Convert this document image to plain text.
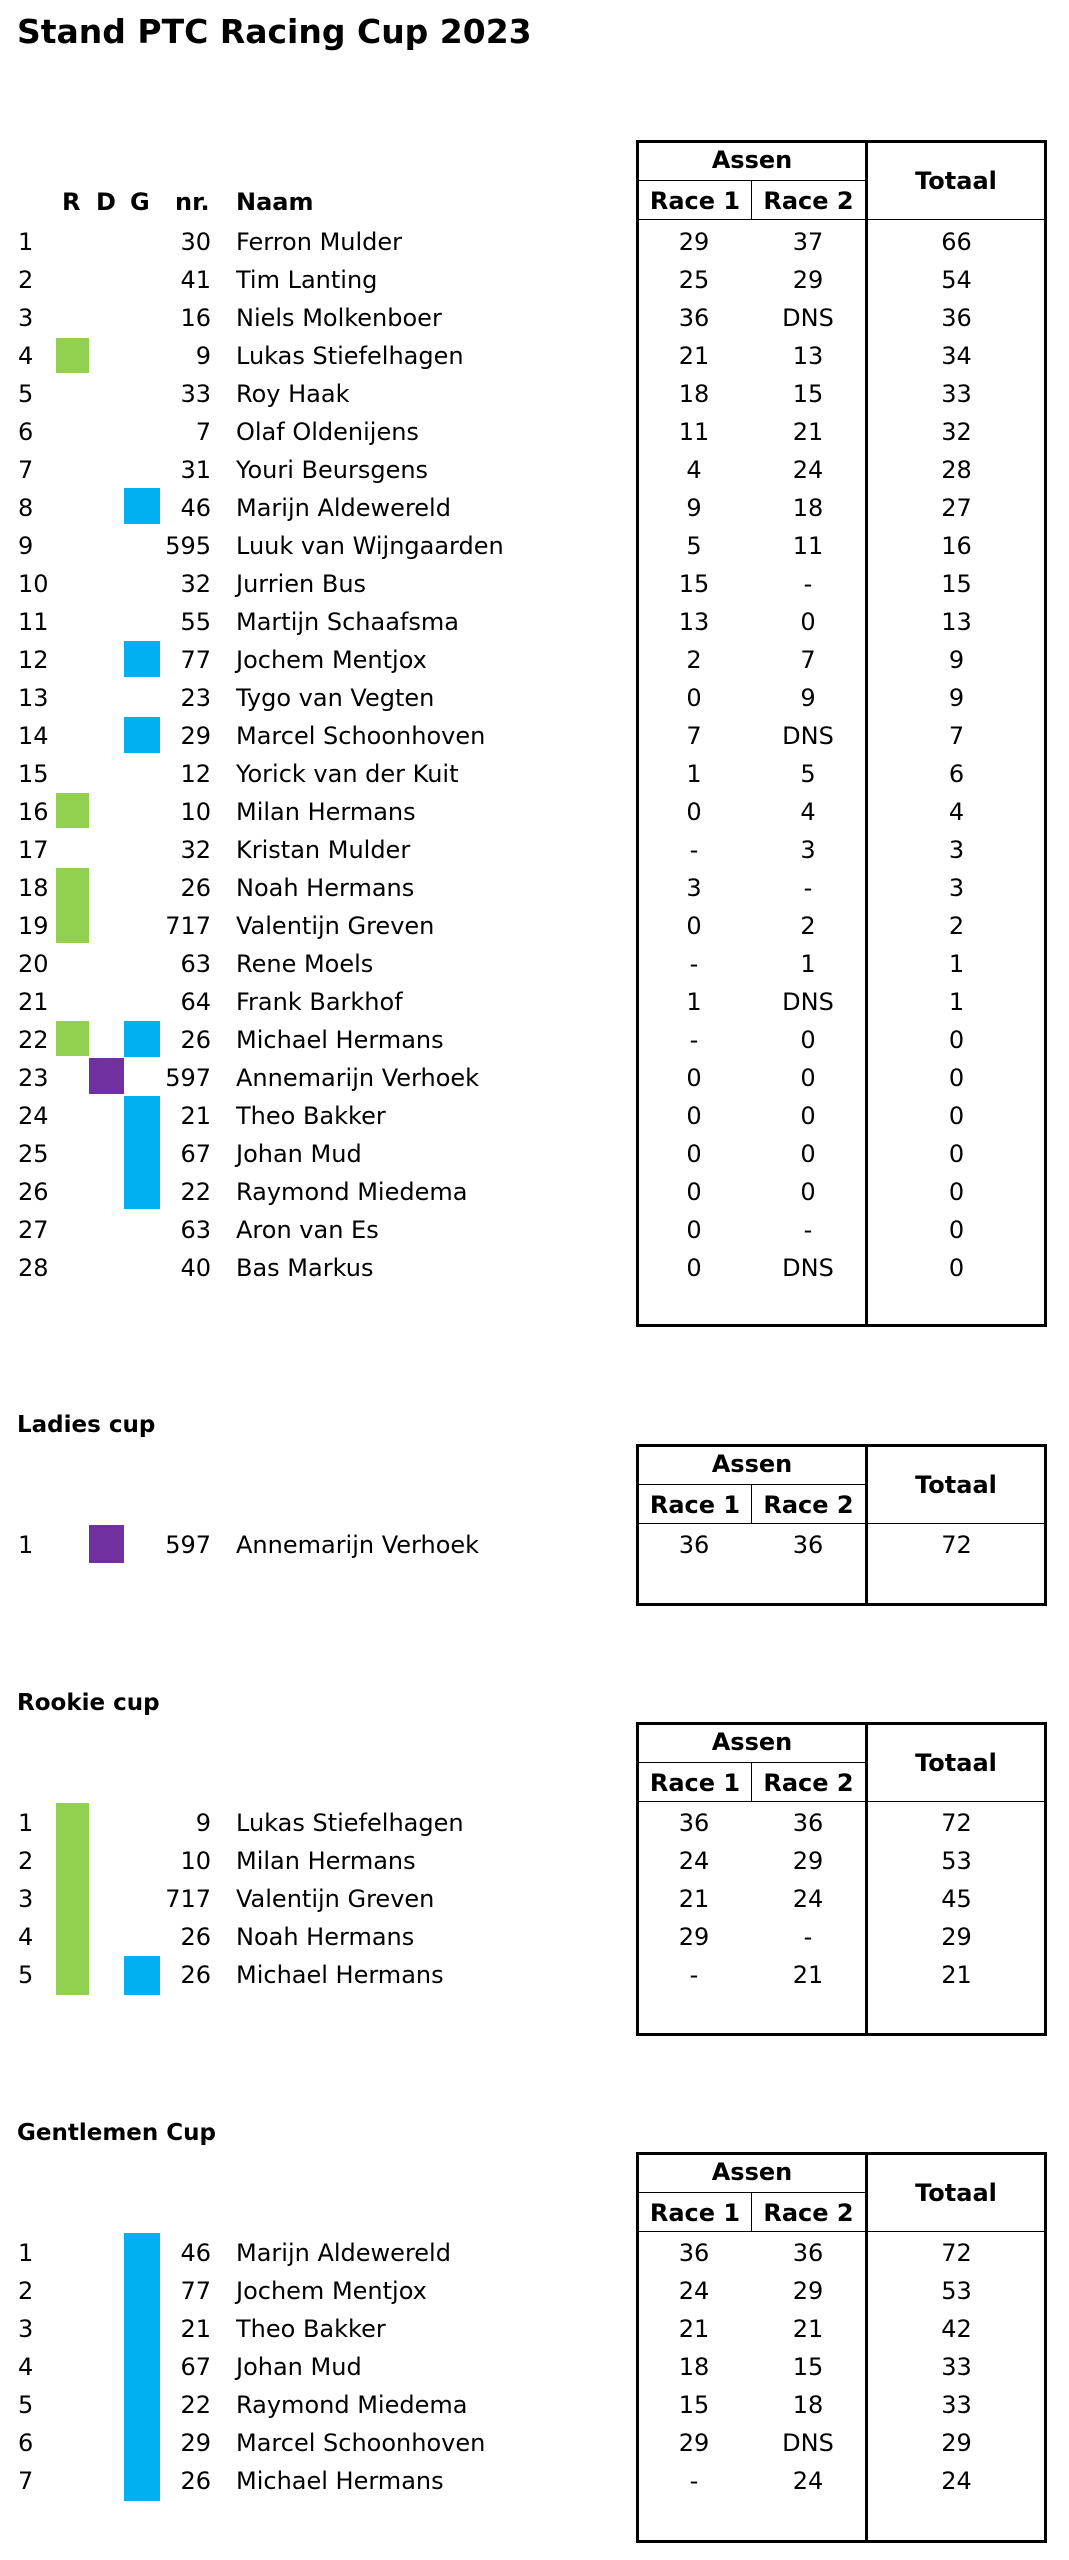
Stand PTC Racing Cup 2023
R D G nr. Naam
Ladies cup
Rookie cup
Gentlemen Cup
Assen
Race 1 Race 2
Totaal
1	30 Ferron Mulder	29	37	66
2	41 Tim Lanting	25	29	54
3	16 Niels Molkenboer	36	DNS	36
4	9 Lukas Stiefelhagen	21	13	34
5	33 Roy Haak	18	15	33
6	7 Olaf Oldenijens	11	21	32
7	31 Youri Beursgens	4	24	28
8	46 Marijn Aldewereld	9	18	27
9	595 Luuk van Wijngaarden	5	11	16
10	32 Jurrien Bus	15	-	15
11	55 Martijn Schaafsma	13	0	13
12	77 Jochem Mentjox	2	7	9
13	23 Tygo van Vegten	0	9	9
14	29 Marcel Schoonhoven	7	DNS	7
15	12 Yorick van der Kuit	1	5	6
16	10 Milan Hermans	0	4	4
17	32 Kristan Mulder	-	3	3
18	26 Noah Hermans	3	-	3
19	717 Valentijn Greven	0	2	2
20	63 Rene Moels	-	1	1
21	64 Frank Barkhof	1	DNS	1
22	26 Michael Hermans	-	0	0
23	597 Annemarijn Verhoek	0	0	0
24	21 Theo Bakker	0	0	0
25	67 Johan Mud	0	0	0
26	22 Raymond Miedema	0	0	0
27	63 Aron van Es	0	-	0
28	40 Bas Markus	0	DNS	0
Assen
Race 1 Race 2
Totaal
1	597 Annemarijn Verhoek	36	36	72
Assen
Race 1 Race 2
Totaal
1	9 Lukas Stiefelhagen	36	36	72
2	10 Milan Hermans	24	29	53
3	717 Valentijn Greven	21	24	45
4	26 Noah Hermans	29	-	29
5	26 Michael Hermans	-	21	21
Assen
Race 1 Race 2
Totaal
1	46 Marijn Aldewereld	36	36	72
2	77 Jochem Mentjox	24	29	53
3	21 Theo Bakker	21	21	42
4	67 Johan Mud	18	15	33
5	22 Raymond Miedema	15	18	33
6	29 Marcel Schoonhoven	29	DNS	29
7	26 Michael Hermans	-	24	24
